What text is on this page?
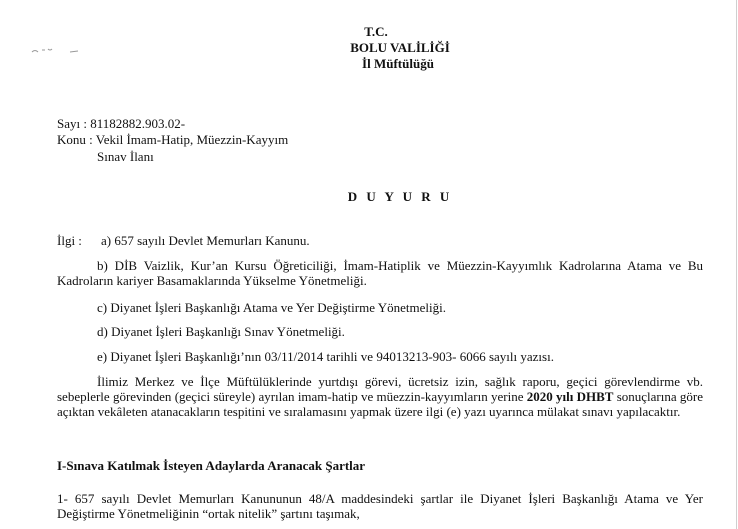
T.C.
BOLU VALİLİĞİ
İl Müftülüğü
Sayı : 81182882.903.02-
Konu : Vekil İmam-Hatip, Müezzin-Kayyım
Sınav İlanı
D U Y U R U
İlgi : a) 657 sayılı Devlet Memurları Kanunu.
b) DİB Vaizlik, Kur’an Kursu Öğreticiliği, İmam-Hatiplik ve Müezzin-Kayyımlık Kadrolarına Atama ve Bu Kadroların kariyer Basamaklarında Yükselme Yönetmeliği.
c) Diyanet İşleri Başkanlığı Atama ve Yer Değiştirme Yönetmeliği.
d) Diyanet İşleri Başkanlığı Sınav Yönetmeliği.
e) Diyanet İşleri Başkanlığı’nın 03/11/2014 tarihli ve 94013213-903- 6066 sayılı yazısı.
İlimiz Merkez ve İlçe Müftülüklerinde yurtdışı görevi, ücretsiz izin, sağlık raporu, geçici görevlendirme vb. sebeplerle görevinden (geçici süreyle) ayrılan imam-hatip ve müezzin-kayyımların yerine 2020 yılı DHBT sonuçlarına göre açıktan vekâleten atanacakların tespitini ve sıralamasını yapmak üzere ilgi (e) yazı uyarınca mülakat sınavı yapılacaktır.
I-Sınava Katılmak İsteyen Adaylarda Aranacak Şartlar
1- 657 sayılı Devlet Memurları Kanununun 48/A maddesindeki şartlar ile Diyanet İşleri Başkanlığı Atama ve Yer Değiştirme Yönetmeliğinin “ortak nitelik” şartını taşımak,
